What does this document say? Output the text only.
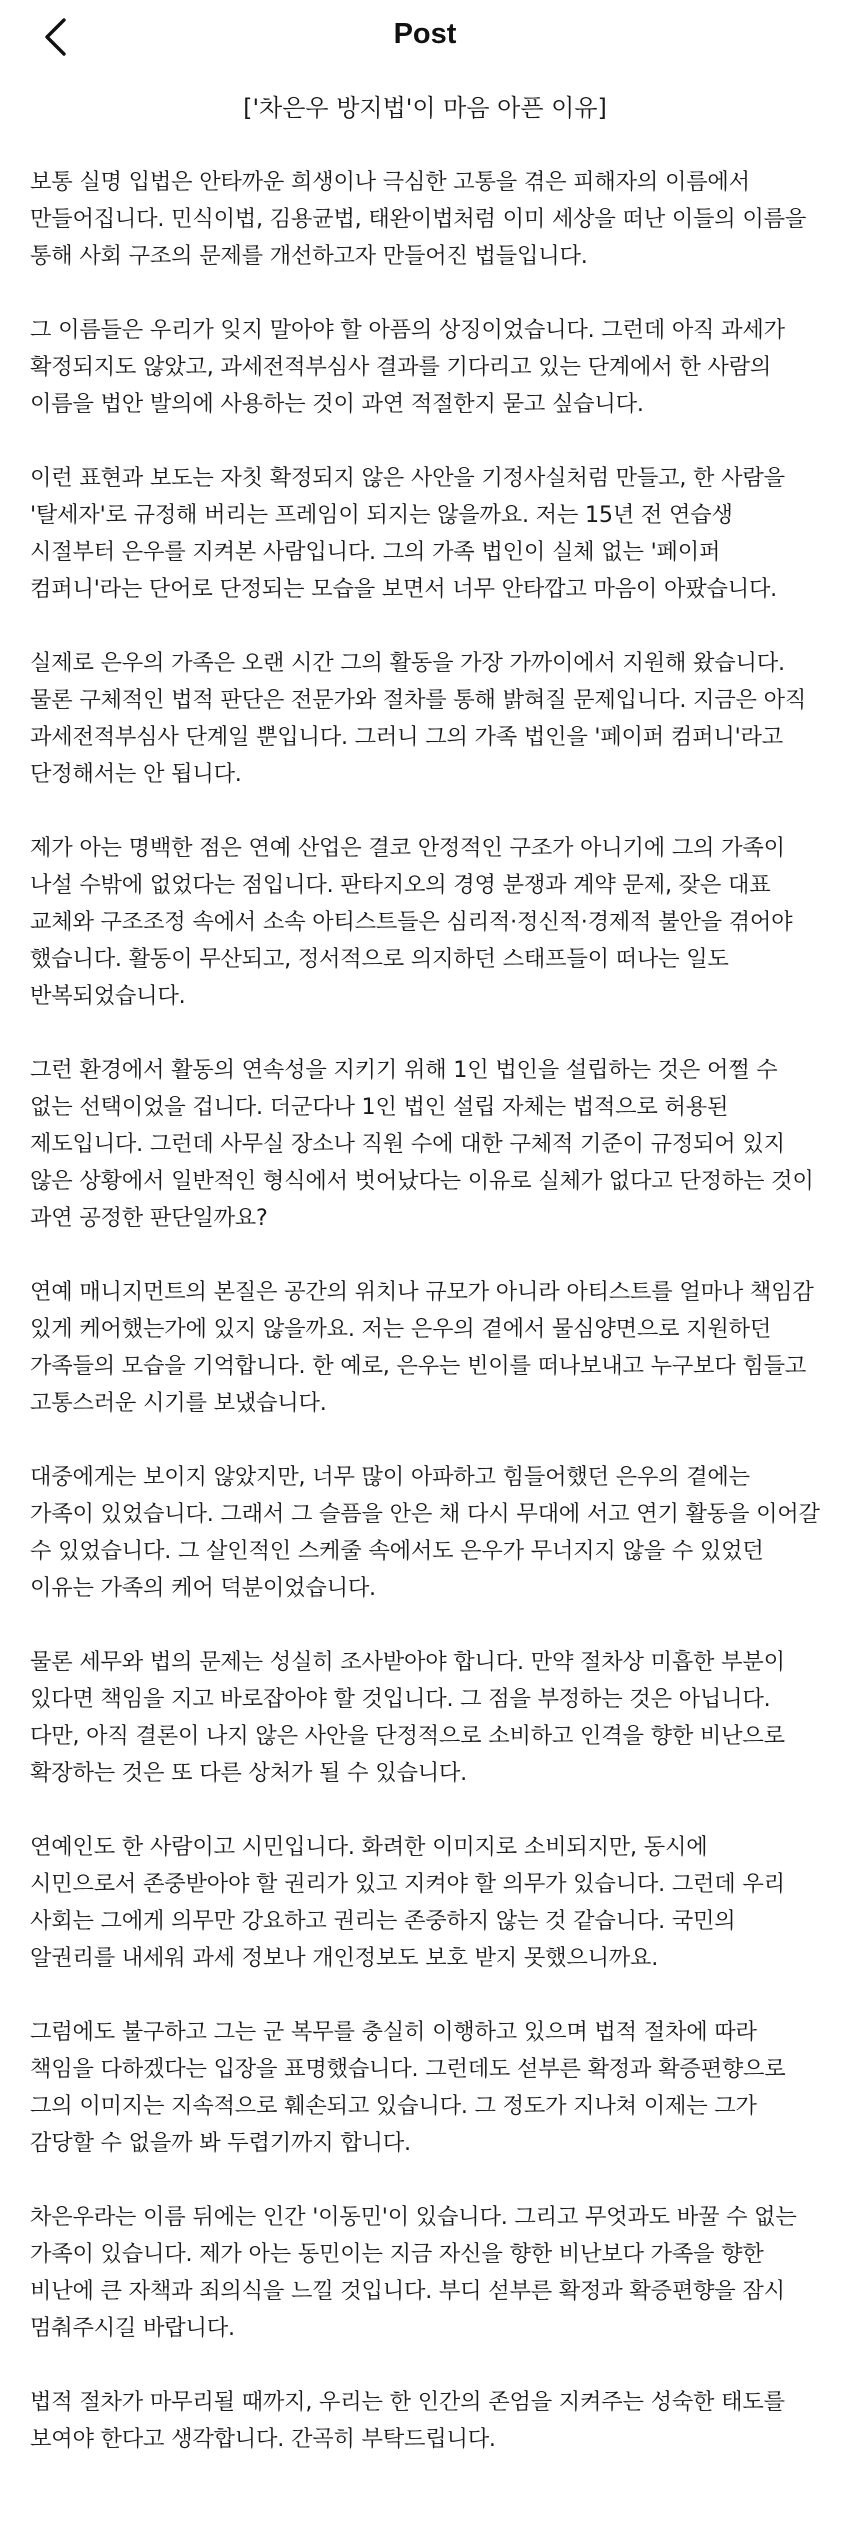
Post
['차은우 방지법'이 마음 아픈 이유]

보통 실명 입법은 안타까운 희생이나 극심한 고통을 겪은 피해자의 이름에서 만들어집니다. 민식이법, 김용균법, 태완이법처럼 이미 세상을 떠난 이들의 이름을 통해 사회 구조의 문제를 개선하고자 만들어진 법들입니다.

그 이름들은 우리가 잊지 말아야 할 아픔의 상징이었습니다. 그런데 아직 과세가 확정되지도 않았고, 과세전적부심사 결과를 기다리고 있는 단계에서 한 사람의 이름을 법안 발의에 사용하는 것이 과연 적절한지 묻고 싶습니다.

이런 표현과 보도는 자칫 확정되지 않은 사안을 기정사실처럼 만들고, 한 사람을 '탈세자'로 규정해 버리는 프레임이 되지는 않을까요. 저는 15년 전 연습생 시절부터 은우를 지켜본 사람입니다. 그의 가족 법인이 실체 없는 '페이퍼 컴퍼니'라는 단어로 단정되는 모습을 보면서 너무 안타깝고 마음이 아팠습니다.

실제로 은우의 가족은 오랜 시간 그의 활동을 가장 가까이에서 지원해 왔습니다. 물론 구체적인 법적 판단은 전문가와 절차를 통해 밝혀질 문제입니다. 지금은 아직 과세전적부심사 단계일 뿐입니다. 그러니 그의 가족 법인을 '페이퍼 컴퍼니'라고 단정해서는 안 됩니다.

제가 아는 명백한 점은 연예 산업은 결코 안정적인 구조가 아니기에 그의 가족이 나설 수밖에 없었다는 점입니다. 판타지오의 경영 분쟁과 계약 문제, 잦은 대표 교체와 구조조정 속에서 소속 아티스트들은 심리적·정신적·경제적 불안을 겪어야 했습니다. 활동이 무산되고, 정서적으로 의지하던 스태프들이 떠나는 일도 반복되었습니다.

그런 환경에서 활동의 연속성을 지키기 위해 1인 법인을 설립하는 것은 어쩔 수 없는 선택이었을 겁니다. 더군다나 1인 법인 설립 자체는 법적으로 허용된 제도입니다. 그런데 사무실 장소나 직원 수에 대한 구체적 기준이 규정되어 있지 않은 상황에서 일반적인 형식에서 벗어났다는 이유로 실체가 없다고 단정하는 것이 과연 공정한 판단일까요?

연예 매니지먼트의 본질은 공간의 위치나 규모가 아니라 아티스트를 얼마나 책임감 있게 케어했는가에 있지 않을까요. 저는 은우의 곁에서 물심양면으로 지원하던 가족들의 모습을 기억합니다. 한 예로, 은우는 빈이를 떠나보내고 누구보다 힘들고 고통스러운 시기를 보냈습니다.

대중에게는 보이지 않았지만, 너무 많이 아파하고 힘들어했던 은우의 곁에는 가족이 있었습니다. 그래서 그 슬픔을 안은 채 다시 무대에 서고 연기 활동을 이어갈 수 있었습니다. 그 살인적인 스케줄 속에서도 은우가 무너지지 않을 수 있었던 이유는 가족의 케어 덕분이었습니다.

물론 세무와 법의 문제는 성실히 조사받아야 합니다. 만약 절차상 미흡한 부분이 있다면 책임을 지고 바로잡아야 할 것입니다. 그 점을 부정하는 것은 아닙니다. 다만, 아직 결론이 나지 않은 사안을 단정적으로 소비하고 인격을 향한 비난으로 확장하는 것은 또 다른 상처가 될 수 있습니다.

연예인도 한 사람이고 시민입니다. 화려한 이미지로 소비되지만, 동시에 시민으로서 존중받아야 할 권리가 있고 지켜야 할 의무가 있습니다. 그런데 우리 사회는 그에게 의무만 강요하고 권리는 존중하지 않는 것 같습니다. 국민의 알권리를 내세워 과세 정보나 개인정보도 보호 받지 못했으니까요.

그럼에도 불구하고 그는 군 복무를 충실히 이행하고 있으며 법적 절차에 따라 책임을 다하겠다는 입장을 표명했습니다. 그런데도 섣부른 확정과 확증편향으로 그의 이미지는 지속적으로 훼손되고 있습니다. 그 정도가 지나쳐 이제는 그가 감당할 수 없을까 봐 두렵기까지 합니다.

차은우라는 이름 뒤에는 인간 '이동민'이 있습니다. 그리고 무엇과도 바꿀 수 없는 가족이 있습니다. 제가 아는 동민이는 지금 자신을 향한 비난보다 가족을 향한 비난에 큰 자책과 죄의식을 느낄 것입니다. 부디 섣부른 확정과 확증편향을 잠시 멈춰주시길 바랍니다.

법적 절차가 마무리될 때까지, 우리는 한 인간의 존엄을 지켜주는 성숙한 태도를 보여야 한다고 생각합니다. 간곡히 부탁드립니다.
